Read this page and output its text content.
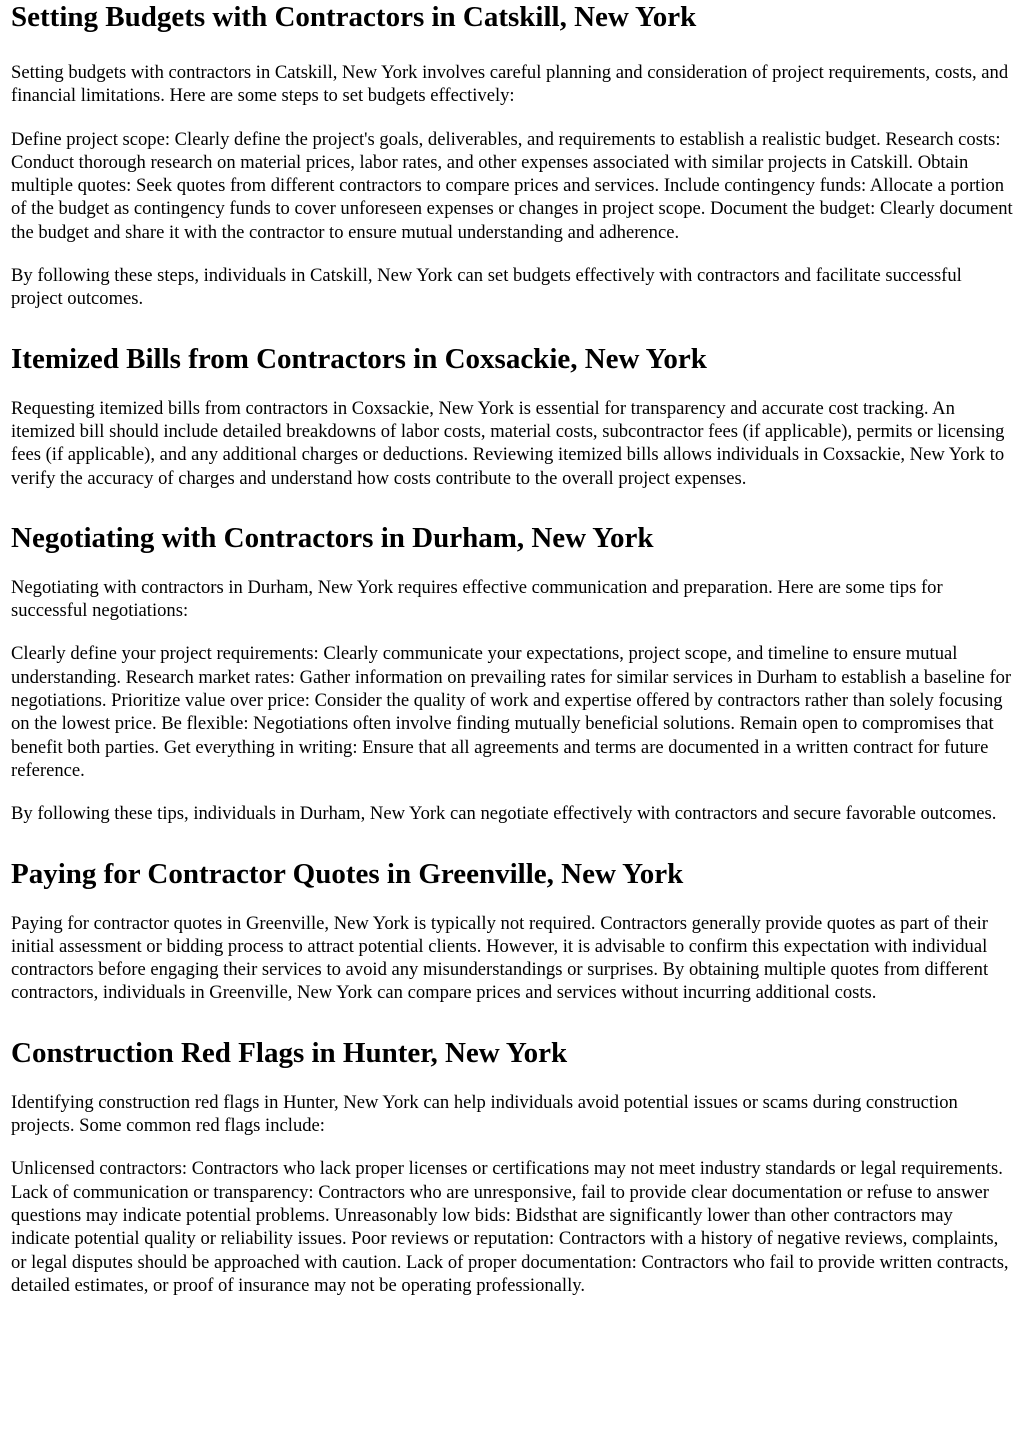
Setting Budgets with Contractors in Catskill, New York

Setting budgets with contractors in Catskill, New York involves careful planning and consideration of project requirements, costs, and financial limitations. Here are some steps to set budgets effectively:

Define project scope: Clearly define the project's goals, deliverables, and requirements to establish a realistic budget. Research costs: Conduct thorough research on material prices, labor rates, and other expenses associated with similar projects in Catskill. Obtain multiple quotes: Seek quotes from different contractors to compare prices and services. Include contingency funds: Allocate a portion of the budget as contingency funds to cover unforeseen expenses or changes in project scope. Document the budget: Clearly document the budget and share it with the contractor to ensure mutual understanding and adherence.

By following these steps, individuals in Catskill, New York can set budgets effectively with contractors and facilitate successful project outcomes.

Itemized Bills from Contractors in Coxsackie, New York

Requesting itemized bills from contractors in Coxsackie, New York is essential for transparency and accurate cost tracking. An itemized bill should include detailed breakdowns of labor costs, material costs, subcontractor fees (if applicable), permits or licensing fees (if applicable), and any additional charges or deductions. Reviewing itemized bills allows individuals in Coxsackie, New York to verify the accuracy of charges and understand how costs contribute to the overall project expenses.

Negotiating with Contractors in Durham, New York

Negotiating with contractors in Durham, New York requires effective communication and preparation. Here are some tips for successful negotiations:

Clearly define your project requirements: Clearly communicate your expectations, project scope, and timeline to ensure mutual understanding. Research market rates: Gather information on prevailing rates for similar services in Durham to establish a baseline for negotiations. Prioritize value over price: Consider the quality of work and expertise offered by contractors rather than solely focusing on the lowest price. Be flexible: Negotiations often involve finding mutually beneficial solutions. Remain open to compromises that benefit both parties. Get everything in writing: Ensure that all agreements and terms are documented in a written contract for future reference.

By following these tips, individuals in Durham, New York can negotiate effectively with contractors and secure favorable outcomes.

Paying for Contractor Quotes in Greenville, New York

Paying for contractor quotes in Greenville, New York is typically not required. Contractors generally provide quotes as part of their initial assessment or bidding process to attract potential clients. However, it is advisable to confirm this expectation with individual contractors before engaging their services to avoid any misunderstandings or surprises. By obtaining multiple quotes from different contractors, individuals in Greenville, New York can compare prices and services without incurring additional costs.

Construction Red Flags in Hunter, New York

Identifying construction red flags in Hunter, New York can help individuals avoid potential issues or scams during construction projects. Some common red flags include:

Unlicensed contractors: Contractors who lack proper licenses or certifications may not meet industry standards or legal requirements. Lack of communication or transparency: Contractors who are unresponsive, fail to provide clear documentation or refuse to answer questions may indicate potential problems. Unreasonably low bids: Bidsthat are significantly lower than other contractors may indicate potential quality or reliability issues. Poor reviews or reputation: Contractors with a history of negative reviews, complaints, or legal disputes should be approached with caution. Lack of proper documentation: Contractors who fail to provide written contracts, detailed estimates, or proof of insurance may not be operating professionally.
